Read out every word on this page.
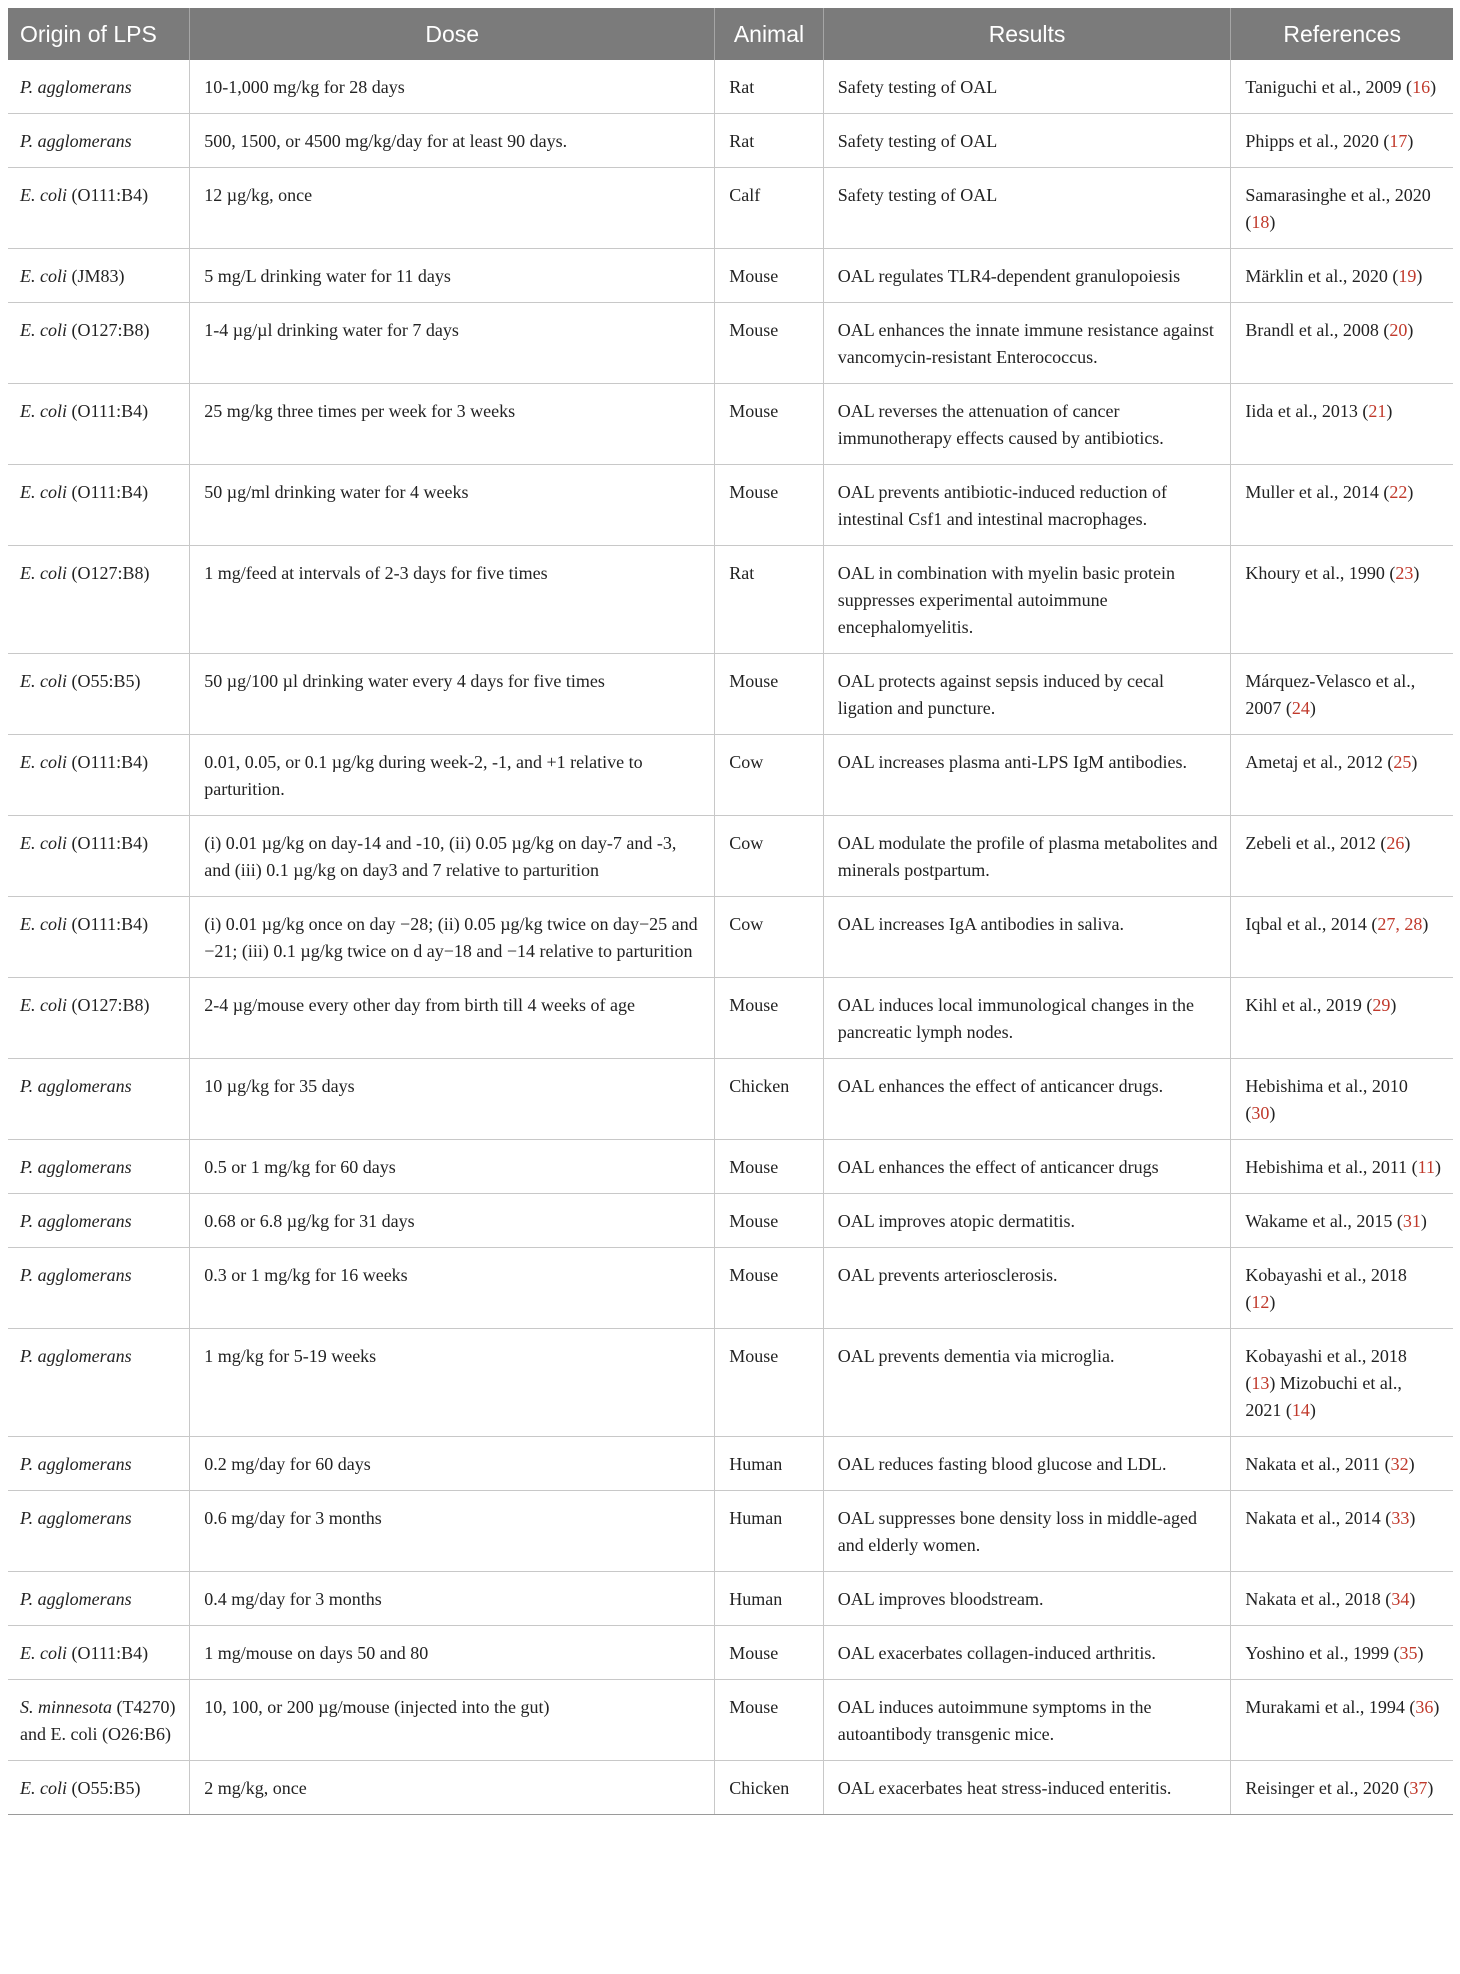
Origin of LPS	Dose	Animal	Results	References
P. agglomerans	10-1,000 mg/kg for 28 days	Rat	Safety testing of OAL	Taniguchi et al., 2009 (16)
P. agglomerans	500, 1500, or 4500 mg/kg/day for at least 90 days.	Rat	Safety testing of OAL	Phipps et al., 2020 (17)
E. coli (O111:B4)	12 µg/kg, once	Calf	Safety testing of OAL	Samarasinghe et al., 2020 (18)
E. coli (JM83)	5 mg/L drinking water for 11 days	Mouse	OAL regulates TLR4-dependent granulopoiesis	Märklin et al., 2020 (19)
E. coli (O127:B8)	1-4 µg/µl drinking water for 7 days	Mouse	OAL enhances the innate immune resistance against vancomycin-resistant Enterococcus.	Brandl et al., 2008 (20)
E. coli (O111:B4)	25 mg/kg three times per week for 3 weeks	Mouse	OAL reverses the attenuation of cancer immunotherapy effects caused by antibiotics.	Iida et al., 2013 (21)
E. coli (O111:B4)	50 µg/ml drinking water for 4 weeks	Mouse	OAL prevents antibiotic-induced reduction of intestinal Csf1 and intestinal macrophages.	Muller et al., 2014 (22)
E. coli (O127:B8)	1 mg/feed at intervals of 2-3 days for five times	Rat	OAL in combination with myelin basic protein suppresses experimental autoimmune encephalomyelitis.	Khoury et al., 1990 (23)
E. coli (O55:B5)	50 µg/100 µl drinking water every 4 days for five times	Mouse	OAL protects against sepsis induced by cecal ligation and puncture.	Márquez-Velasco et al., 2007 (24)
E. coli (O111:B4)	0.01, 0.05, or 0.1 µg/kg during week-2, -1, and +1 relative to parturition.	Cow	OAL increases plasma anti-LPS IgM antibodies.	Ametaj et al., 2012 (25)
E. coli (O111:B4)	(i) 0.01 µg/kg on day-14 and -10, (ii) 0.05 µg/kg on day-7 and -3, and (iii) 0.1 µg/kg on day3 and 7 relative to parturition	Cow	OAL modulate the profile of plasma metabolites and minerals postpartum.	Zebeli et al., 2012 (26)
E. coli (O111:B4)	(i) 0.01 µg/kg once on day −28; (ii) 0.05 µg/kg twice on day−25 and −21; (iii) 0.1 µg/kg twice on d ay−18 and −14 relative to parturition	Cow	OAL increases IgA antibodies in saliva.	Iqbal et al., 2014 (27, 28)
E. coli (O127:B8)	2-4 µg/mouse every other day from birth till 4 weeks of age	Mouse	OAL induces local immunological changes in the pancreatic lymph nodes.	Kihl et al., 2019 (29)
P. agglomerans	10 µg/kg for 35 days	Chicken	OAL enhances the effect of anticancer drugs.	Hebishima et al., 2010 (30)
P. agglomerans	0.5 or 1 mg/kg for 60 days	Mouse	OAL enhances the effect of anticancer drugs	Hebishima et al., 2011 (11)
P. agglomerans	0.68 or 6.8 µg/kg for 31 days	Mouse	OAL improves atopic dermatitis.	Wakame et al., 2015 (31)
P. agglomerans	0.3 or 1 mg/kg for 16 weeks	Mouse	OAL prevents arteriosclerosis.	Kobayashi et al., 2018 (12)
P. agglomerans	1 mg/kg for 5-19 weeks	Mouse	OAL prevents dementia via microglia.	Kobayashi et al., 2018 (13) Mizobuchi et al., 2021 (14)
P. agglomerans	0.2 mg/day for 60 days	Human	OAL reduces fasting blood glucose and LDL.	Nakata et al., 2011 (32)
P. agglomerans	0.6 mg/day for 3 months	Human	OAL suppresses bone density loss in middle-aged and elderly women.	Nakata et al., 2014 (33)
P. agglomerans	0.4 mg/day for 3 months	Human	OAL improves bloodstream.	Nakata et al., 2018 (34)
E. coli (O111:B4)	1 mg/mouse on days 50 and 80	Mouse	OAL exacerbates collagen-induced arthritis.	Yoshino et al., 1999 (35)
S. minnesota (T4270) and E. coli (O26:B6)	10, 100, or 200 µg/mouse (injected into the gut)	Mouse	OAL induces autoimmune symptoms in the autoantibody transgenic mice.	Murakami et al., 1994 (36)
E. coli (O55:B5)	2 mg/kg, once	Chicken	OAL exacerbates heat stress-induced enteritis.	Reisinger et al., 2020 (37)
